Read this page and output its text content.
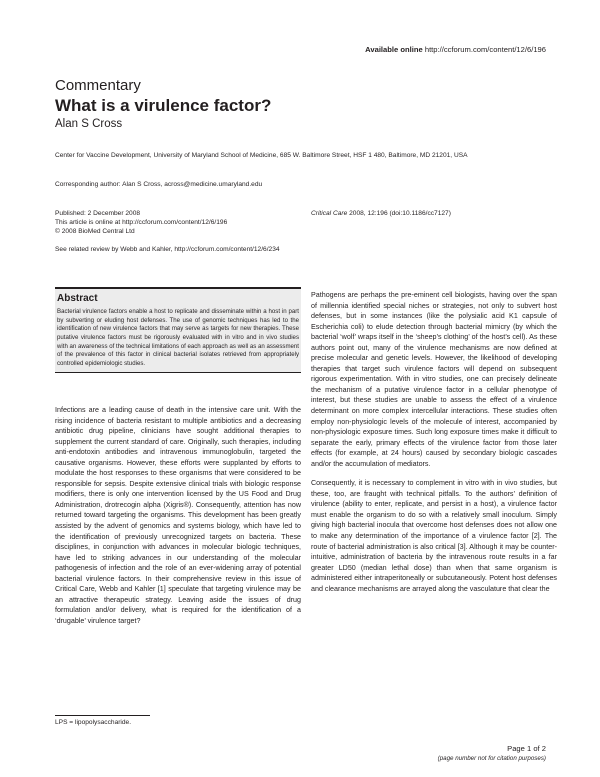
Available online http://ccforum.com/content/12/6/196
Commentary
What is a virulence factor?
Alan S Cross
Center for Vaccine Development, University of Maryland School of Medicine, 685 W. Baltimore Street, HSF 1 480, Baltimore, MD 21201, USA
Corresponding author: Alan S Cross, across@medicine.umaryland.edu
Published: 2 December 2008
This article is online at http://ccforum.com/content/12/6/196
© 2008 BioMed Central Ltd
Critical Care 2008, 12:196 (doi:10.1186/cc7127)
See related review by Webb and Kahler, http://ccforum.com/content/12/6/234
Abstract
Bacterial virulence factors enable a host to replicate and disseminate within a host in part by subverting or eluding host defenses. The use of genomic techniques has led to the identification of new virulence factors that may serve as targets for new therapies. These putative virulence factors must be rigorously evaluated with in vitro and in vivo studies with an awareness of the technical limitations of each approach as well as an assessment of the prevalence of this factor in clinical bacterial isolates retrieved from appropriately controlled epidemiologic studies.

Infections are a leading cause of death in the intensive care unit. With the rising incidence of bacteria resistant to multiple antibiotics and a decreasing antibiotic drug pipeline, clinicians have sought additional therapies to supplement the current standard of care. Originally, such therapies, including anti-endotoxin antibodies and intravenous immunoglobulin, targeted the causative organisms. However, these efforts were supplanted by efforts to modulate the host responses to these organisms that were considered to be responsible for sepsis. Despite extensive clinical trials with biologic response modifiers, there is only one intervention licensed by the US Food and Drug Administration, drotrecogin alpha (Xigris®). Consequently, attention has now returned toward targeting the organisms. This development has been greatly assisted by the advent of genomics and systems biology, which have led to the identification of previously unrecognized targets on bacteria. These disciplines, in conjunction with advances in molecular biologic techniques, have led to striking advances in our understanding of the molecular pathogenesis of infection and the role of an ever-widening array of potential bacterial virulence factors. In their comprehensive review in this issue of Critical Care, Webb and Kahler [1] speculate that targeting virulence may be an attractive therapeutic strategy. Leaving aside the issues of drug formulation and/or delivery, what is required for the identification of a ‘drugable’ virulence target?

Pathogens are perhaps the pre-eminent cell biologists, having over the span of millennia identified special niches or strategies, not only to subvert host defenses, but in some instances (like the polysialic acid K1 capsule of Escherichia coli) to elude detection through bacterial mimicry (by which the bacterial ‘wolf’ wraps itself in the ‘sheep’s clothing’ of the host’s cell). As these authors point out, many of the virulence mechanisms are now defined at precise molecular and genetic levels. However, the likelihood of developing therapies that target such virulence factors will depend on subsequent rigorous experimentation. With in vitro studies, one can precisely delineate the mechanism of a putative virulence factor in a cellular phenotype of interest, but these studies are unable to assess the effect of a virulence determinant on more complex intercellular interactions. These studies often employ non-physiologic levels of the molecule of interest, accompanied by non-physiologic exposure times. Such long exposure times make it difficult to separate the early, primary effects of the virulence factor from those later effects (for example, at 24 hours) caused by secondary biologic cascades and/or the accumulation of mediators.

Consequently, it is necessary to complement in vitro with in vivo studies, but these, too, are fraught with technical pitfalls. To the authors’ definition of virulence (ability to enter, replicate, and persist in a host), a virulence factor must enable the organism to do so with a relatively small inoculum. Simply giving high bacterial inocula that overcome host defenses does not allow one to make any determination of the importance of a virulence factor [2]. The route of bacterial administration is also critical [3]. Although it may be counter-intuitive, administration of bacteria by the intravenous route results in a far greater LD50 (median lethal dose) than when that same organism is administered either intraperitoneally or subcutaneously. Potent host defenses and clearance mechanisms are arrayed along the vasculature that clear the

LPS = lipopolysaccharide.
Page 1 of 2
(page number not for citation purposes)
